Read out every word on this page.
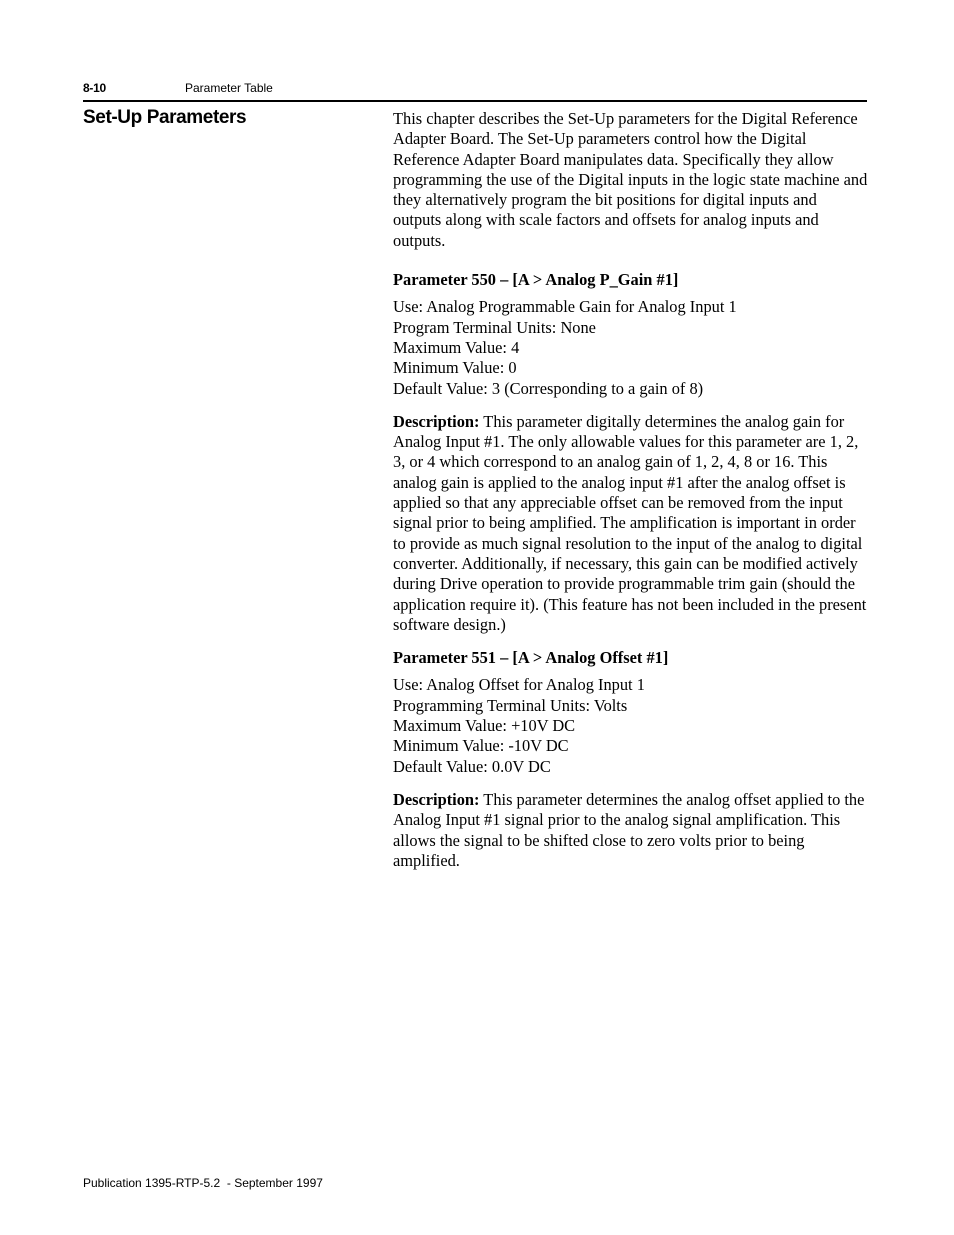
8-10	Parameter Table
Set-Up Parameters	This chapter describes the Set-Up parameters for the Digital Reference Adapter Board. The Set-Up parameters control how the Digital Reference Adapter Board manipulates data. Specifically they allow programming the use of the Digital inputs in the logic state machine and they alternatively program the bit positions for digital inputs and outputs along with scale factors and offsets for analog inputs and outputs.

Parameter 550 – [A > Analog P_Gain #1]

Use: Analog Programmable Gain for Analog Input 1
Program Terminal Units: None
Maximum Value: 4
Minimum Value: 0
Default Value: 3 (Corresponding to a gain of 8)

Description: This parameter digitally determines the analog gain for Analog Input #1. The only allowable values for this parameter are 1, 2, 3, or 4 which correspond to an analog gain of 1, 2, 4, 8 or 16. This analog gain is applied to the analog input #1 after the analog offset is applied so that any appreciable offset can be removed from the input signal prior to being amplified. The amplification is important in order to provide as much signal resolution to the input of the analog to digital converter. Additionally, if necessary, this gain can be modified actively during Drive operation to provide programmable trim gain (should the application require it). (This feature has not been included in the present software design.)

Parameter 551 – [A > Analog Offset #1]

Use: Analog Offset for Analog Input 1
Programming Terminal Units: Volts
Maximum Value: +10V DC
Minimum Value: -10V DC
Default Value: 0.0V DC

Description: This parameter determines the analog offset applied to the Analog Input #1 signal prior to the analog signal amplification. This allows the signal to be shifted close to zero volts prior to being amplified.

Publication 1395-RTP-5.2  - September 1997
